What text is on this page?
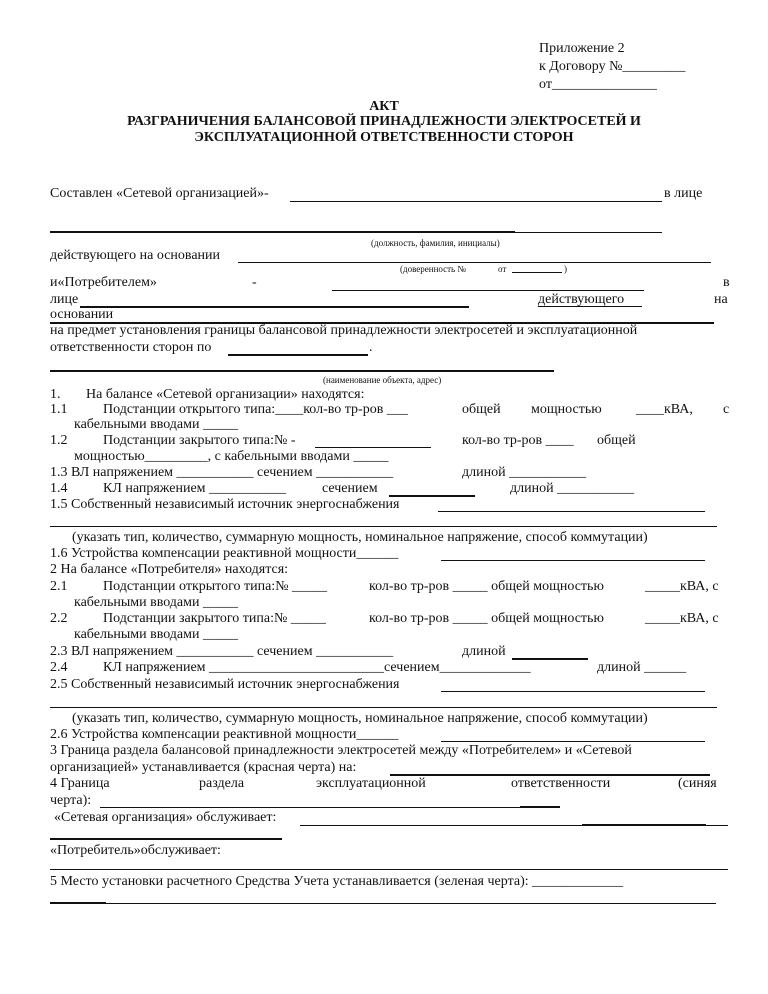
Приложение 2
к Договору №_________
от_______________
АКТ
РАЗГРАНИЧЕНИЯ БАЛАНСОВОЙ ПРИНАДЛЕЖНОСТИ ЭЛЕКТРОСЕТЕЙ И
ЭКСПЛУАТАЦИОННОЙ ОТВЕТСТВЕННОСТИ СТОРОН
Составлен «Сетевой организацией»-	в лице
(должность, фамилия, инициалы)
действующего на основании
(доверенность №	от	)
и«Потребителем»	-	в
лице	действующего	на
основании
на предмет установления границы балансовой принадлежности электросетей и эксплуатационной
ответственности сторон по	.
(наименование объекта, адрес)
1. На балансе «Сетевой организации» находятся:
1.1	Подстанции открытого типа:____кол-во тр-ров ___	общей мощностью ____кВА, с
кабельными вводами _____
1.2	Подстанции закрытого типа:№ -	кол-во тр-ров ____ общей
мощностью_________, с кабельными вводами _____
1.3 ВЛ напряжением ___________ сечением ___________	длиной ___________
1.4	КЛ напряжением ___________	сечением	длиной ___________
1.5 Собственный независимый источник энергоснабжения
(указать тип, количество, суммарную мощность, номинальное напряжение, способ коммутации)
1.6 Устройства компенсации реактивной мощности______
2 На балансе «Потребителя» находятся:
2.1	Подстанции открытого типа:№ _____	кол-во тр-ров _____ общей мощностью	_____кВА, с
кабельными вводами _____
2.2	Подстанции закрытого типа:№ _____	кол-во тр-ров _____ общей мощностью	_____кВА, с
кабельными вводами _____
2.3 ВЛ напряжением ___________ сечением ___________	длиной
2.4	КЛ напряжением _________________________сечением_____________	длиной ______
2.5 Собственный независимый источник энергоснабжения
(указать тип, количество, суммарную мощность, номинальное напряжение, способ коммутации)
2.6 Устройства компенсации реактивной мощности______
3 Граница раздела балансовой принадлежности электросетей между «Потребителем» и «Сетевой
организацией» устанавливается (красная черта) на:
4 Граница	раздела	эксплуатационной	ответственности	(синяя
черта):
«Сетевая организация» обслуживает:
«Потребитель»обслуживает:
5 Место установки расчетного Средства Учета устанавливается (зеленая черта): _____________
